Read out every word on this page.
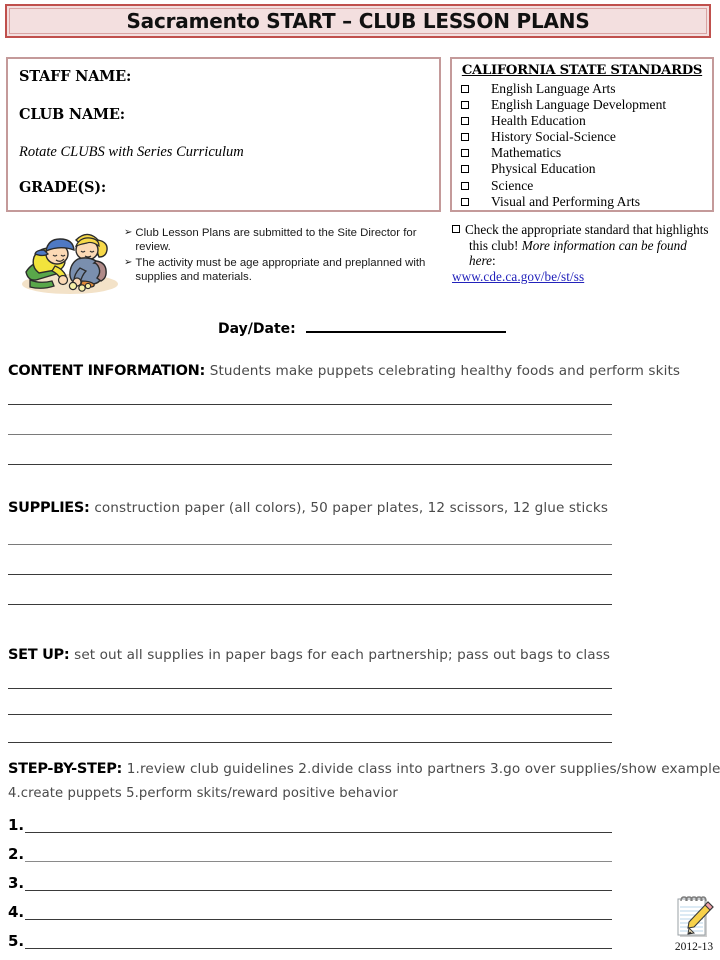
Sacramento START – CLUB LESSON PLANS
STAFF NAME:
CLUB NAME:
Rotate CLUBS with Series Curriculum
GRADE(S):
CALIFORNIA STATE STANDARDS
English Language Arts
English Language Development
Health Education
History Social-Science
Mathematics
Physical Education
Science
Visual and Performing Arts
➢ Club Lesson Plans are submitted to the Site Director for review.
➢ The activity must be age appropriate and preplanned with supplies and materials.
Check the appropriate standard that highlights this club! More information can be found here:
www.cde.ca.gov/be/st/ss
Day/Date:
CONTENT INFORMATION: Students make puppets celebrating healthy foods and perform skits
SUPPLIES: construction paper (all colors), 50 paper plates, 12 scissors, 12 glue sticks
SET UP: set out all supplies in paper bags for each partnership; pass out bags to class
STEP-BY-STEP: 1.review club guidelines 2.divide class into partners 3.go over supplies/show example
4.create puppets 5.perform skits/reward positive behavior
1.
2.
3.
4.
5.	2012-13
